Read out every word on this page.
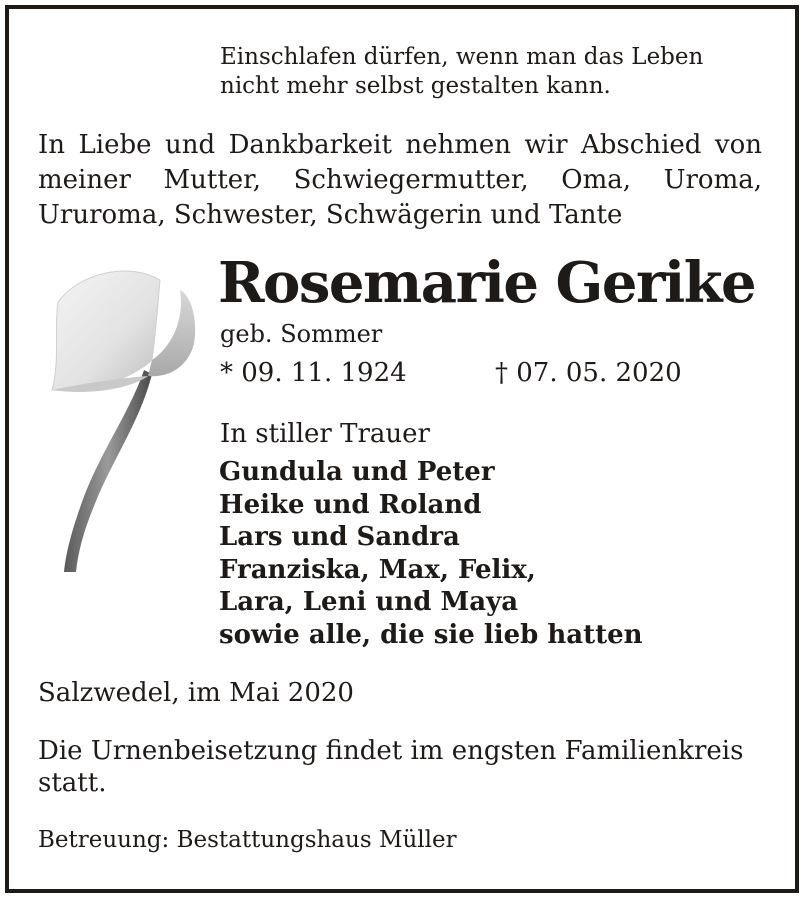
Einschlafen dürfen, wenn man das Leben
nicht mehr selbst gestalten kann.

In Liebe und Dankbarkeit nehmen wir Abschied von meiner Mutter, Schwiegermutter, Oma, Uroma, Ururoma, Schwester, Schwägerin und Tante

Rosemarie Gerike

geb. Sommer

* 09. 11. 1924	† 07. 05. 2020

In stiller Trauer

Gundula und Peter
Heike und Roland
Lars und Sandra
Franziska, Max, Felix,
Lara, Leni und Maya
sowie alle, die sie lieb hatten

Salzwedel, im Mai 2020

Die Urnenbeisetzung findet im engsten Familienkreis statt.

Betreuung: Bestattungshaus Müller
